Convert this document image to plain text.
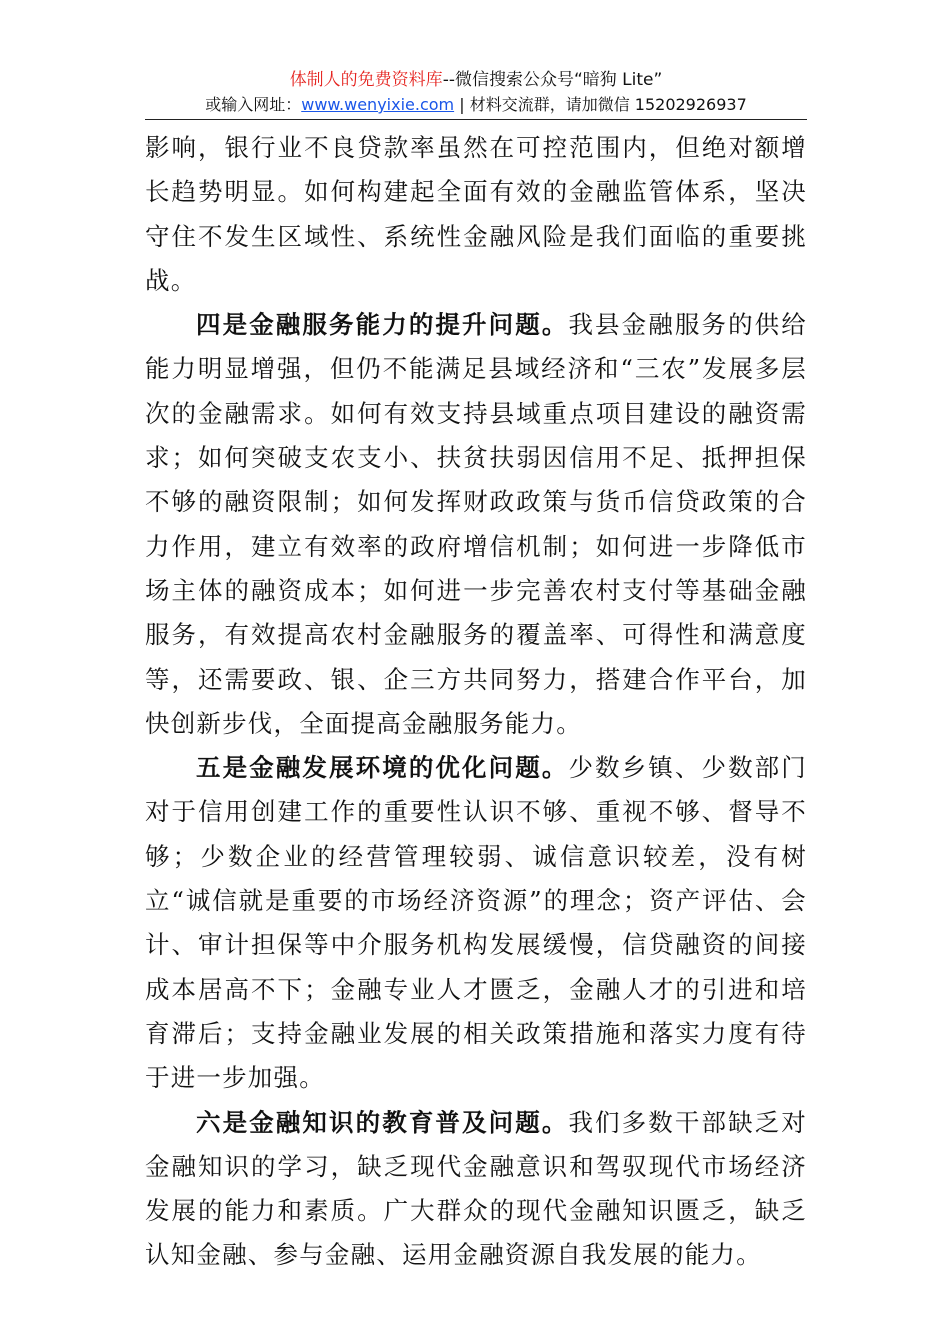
体制人的免费资料库--微信搜索公众号“暗狗 Lite”
或输入网址：www.wenyixie.com | 材料交流群，请加微信 15202926937

影响，银行业不良贷款率虽然在可控范围内，但绝对额增长趋势明显。如何构建起全面有效的金融监管体系，坚决守住不发生区域性、系统性金融风险是我们面临的重要挑战。

四是金融服务能力的提升问题。我县金融服务的供给能力明显增强，但仍不能满足县域经济和“三农”发展多层次的金融需求。如何有效支持县域重点项目建设的融资需求；如何突破支农支小、扶贫扶弱因信用不足、抵押担保不够的融资限制；如何发挥财政政策与货币信贷政策的合力作用，建立有效率的政府增信机制；如何进一步降低市场主体的融资成本；如何进一步完善农村支付等基础金融服务，有效提高农村金融服务的覆盖率、可得性和满意度等，还需要政、银、企三方共同努力，搭建合作平台，加快创新步伐，全面提高金融服务能力。

五是金融发展环境的优化问题。少数乡镇、少数部门对于信用创建工作的重要性认识不够、重视不够、督导不够；少数企业的经营管理较弱、诚信意识较差，没有树立“诚信就是重要的市场经济资源”的理念；资产评估、会计、审计担保等中介服务机构发展缓慢，信贷融资的间接成本居高不下；金融专业人才匮乏，金融人才的引进和培育滞后；支持金融业发展的相关政策措施和落实力度有待于进一步加强。

六是金融知识的教育普及问题。我们多数干部缺乏对金融知识的学习，缺乏现代金融意识和驾驭现代市场经济发展的能力和素质。广大群众的现代金融知识匮乏，缺乏认知金融、参与金融、运用金融资源自我发展的能力。
